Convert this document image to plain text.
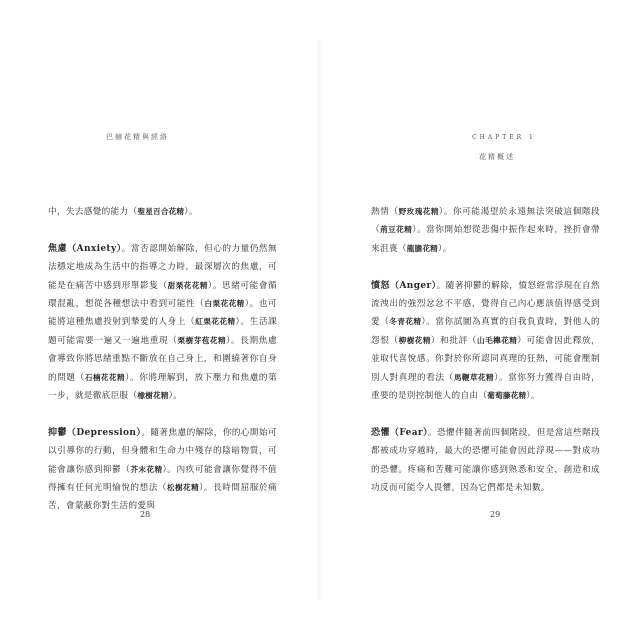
巴赫花精與經絡

中，失去感覺的能力（聖星百合花精）。

焦慮（Anxiety）。當否認開始解除，但心的力量仍然無法穩定地成為生活中的指導之力時，最深層次的焦慮，可能是在痛苦中感到形單影隻（甜栗花花精）。思緒可能會循環混亂，想從各種想法中看到可能性（白栗花花精）。也可能將這種焦慮投射到摯愛的人身上（紅栗花花精）。生活課題可能需要一遍又一遍地重現（栗樹芽苞花精）。長期焦慮會導致你將思緒重點不斷放在自己身上，和圍繞著你自身的問題（石楠花花精）。你將理解到，放下壓力和焦慮的第一步，就是徹底臣服（橡樹花精）。

抑鬱（Depression）。隨著焦慮的解除，你的心開始可以引導你的行動，但身體和生命力中殘存的陰暗物質，可能會讓你感到抑鬱（芥末花精）。內疚可能會讓你覺得不值得擁有任何光明愉悅的想法（松樹花精）。長時間屈服於痛苦，會蒙蔽你對生活的愛與

28
CHAPTER 1
花精概述

熱情（野玫瑰花精）。你可能渴望於永遠無法突破這個階段（荊豆花精）。當你開始想從悲傷中振作起來時，挫折會帶來沮喪（龍膽花精）。

憤怒（Anger）。隨著抑鬱的解除，憤怒經常浮現在自然流洩出的強烈忿忿不平感，覺得自己內心應該值得感受到愛（冬青花精）。當你試圖為真實的自我負責時，對他人的怨恨（柳樹花精）和批評（山毛櫸花精）可能會因此釋放，並取代喜悅感。你對於你所認同真理的狂熱，可能會壓制別人對真理的看法（馬鞭草花精）。當你努力獲得自由時，重要的是別控制他人的自由（葡萄藤花精）。

恐懼（Fear）。恐懼伴隨著前四個階段，但是當這些階段都被成功穿越時，最大的恐懼可能會因此浮現——對成功的恐懼。疼痛和苦難可能讓你感到熟悉和安全，創造和成功反而可能令人畏懼，因為它們都是未知數。

29
